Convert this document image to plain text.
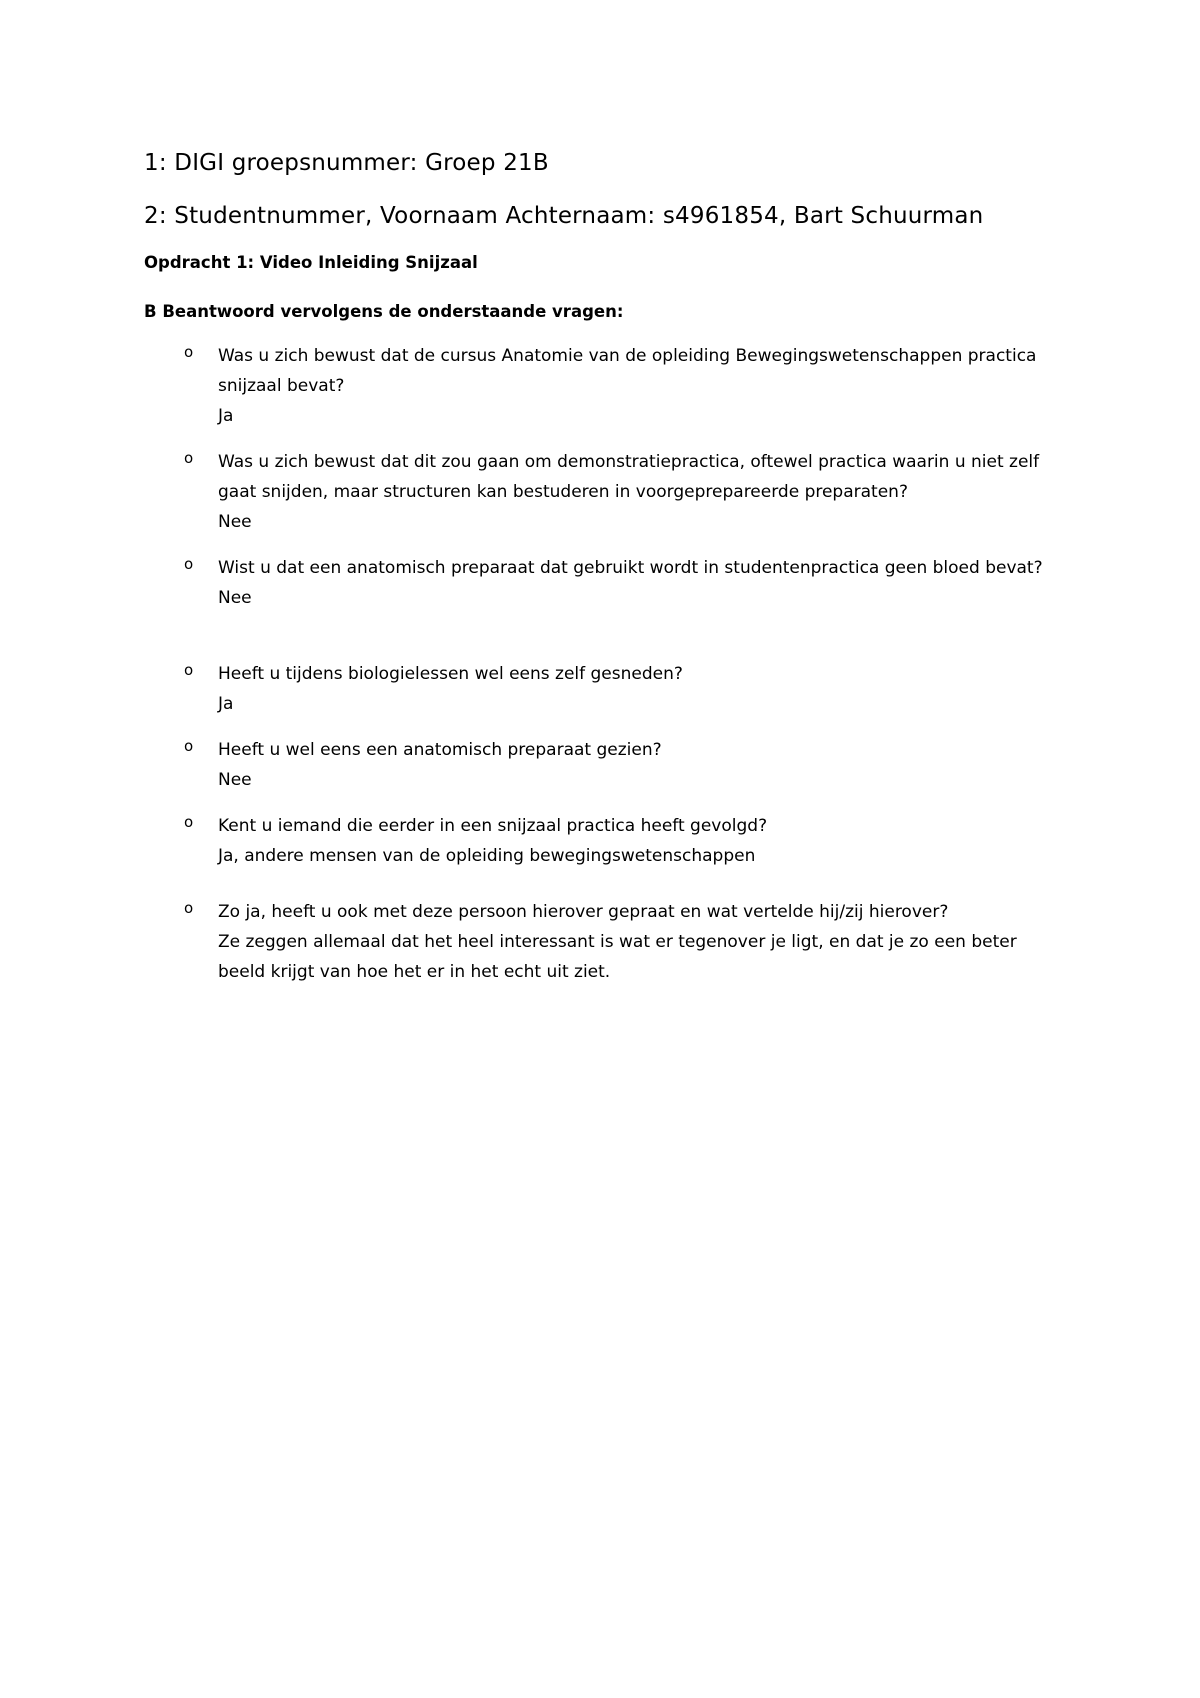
1: DIGI groepsnummer: Groep 21B
2: Studentnummer, Voornaam Achternaam: s4961854, Bart Schuurman
Opdracht 1: Video Inleiding Snijzaal
B Beantwoord vervolgens de onderstaande vragen:
o Was u zich bewust dat de cursus Anatomie van de opleiding Bewegingswetenschappen practica snijzaal bevat?
Ja
o Was u zich bewust dat dit zou gaan om demonstratiepractica, oftewel practica waarin u niet zelf gaat snijden, maar structuren kan bestuderen in voorgeprepareerde preparaten?
Nee
o Wist u dat een anatomisch preparaat dat gebruikt wordt in studentenpractica geen bloed bevat?
Nee
o Heeft u tijdens biologielessen wel eens zelf gesneden?
Ja
o Heeft u wel eens een anatomisch preparaat gezien?
Nee
o Kent u iemand die eerder in een snijzaal practica heeft gevolgd?
Ja, andere mensen van de opleiding bewegingswetenschappen
o Zo ja, heeft u ook met deze persoon hierover gepraat en wat vertelde hij/zij hierover?
Ze zeggen allemaal dat het heel interessant is wat er tegenover je ligt, en dat je zo een beter beeld krijgt van hoe het er in het echt uit ziet.
